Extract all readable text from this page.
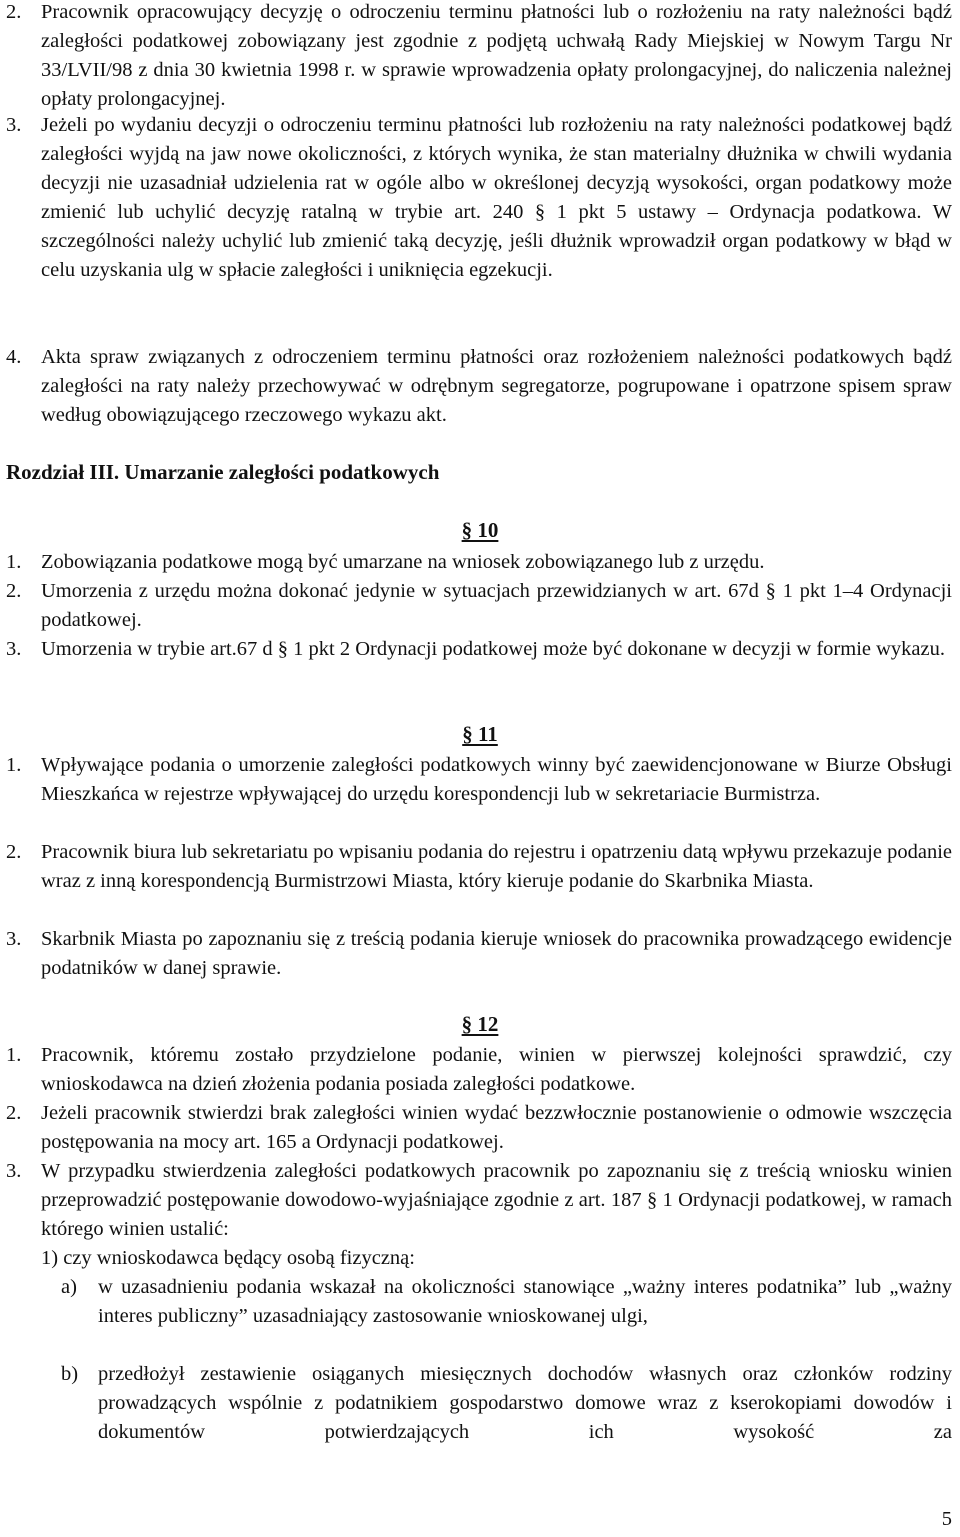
2. Pracownik opracowujący decyzję o odroczeniu terminu płatności lub o rozłożeniu na raty należności bądź zaległości podatkowej zobowiązany jest zgodnie z podjętą uchwałą Rady Miejskiej w Nowym Targu Nr 33/LVII/98 z dnia 30 kwietnia 1998 r. w sprawie wprowadzenia opłaty prolongacyjnej, do naliczenia należnej opłaty prolongacyjnej.
3. Jeżeli po wydaniu decyzji o odroczeniu terminu płatności lub rozłożeniu na raty należności podatkowej bądź zaległości wyjdą na jaw nowe okoliczności, z których wynika, że stan materialny dłużnika w chwili wydania decyzji nie uzasadniał udzielenia rat w ogóle albo w określonej decyzją wysokości, organ podatkowy może zmienić lub uchylić decyzję ratalną w trybie art. 240 § 1 pkt 5 ustawy – Ordynacja podatkowa. W szczególności należy uchylić lub zmienić taką decyzję, jeśli dłużnik wprowadził organ podatkowy w błąd w celu uzyskania ulg w spłacie zaległości i uniknięcia egzekucji.
4. Akta spraw związanych z odroczeniem terminu płatności oraz rozłożeniem należności podatkowych bądź zaległości na raty należy przechowywać w odrębnym segregatorze, pogrupowane i opatrzone spisem spraw według obowiązującego rzeczowego wykazu akt.
Rozdział III. Umarzanie zaległości podatkowych
§ 10
1. Zobowiązania podatkowe mogą być umarzane na wniosek zobowiązanego lub z urzędu.
2. Umorzenia z urzędu można dokonać jedynie w sytuacjach przewidzianych w art. 67d § 1 pkt 1–4 Ordynacji podatkowej.
3. Umorzenia w trybie art.67 d § 1 pkt 2 Ordynacji podatkowej może być dokonane w decyzji w formie wykazu.
§ 11
1. Wpływające podania o umorzenie zaległości podatkowych winny być zaewidencjonowane w Biurze Obsługi Mieszkańca w rejestrze wpływającej do urzędu korespondencji lub w sekretariacie Burmistrza.
2. Pracownik biura lub sekretariatu po wpisaniu podania do rejestru i opatrzeniu datą wpływu przekazuje podanie wraz z inną korespondencją Burmistrzowi Miasta, który kieruje podanie do Skarbnika Miasta.
3. Skarbnik Miasta po zapoznaniu się z treścią podania kieruje wniosek do pracownika prowadzącego ewidencje podatników w danej sprawie.
§ 12
1. Pracownik, któremu zostało przydzielone podanie, winien w pierwszej kolejności sprawdzić, czy wnioskodawca na dzień złożenia podania posiada zaległości podatkowe.
2. Jeżeli pracownik stwierdzi brak zaległości winien wydać bezzwłocznie postanowienie o odmowie wszczęcia postępowania na mocy art. 165 a Ordynacji podatkowej.
3. W przypadku stwierdzenia zaległości podatkowych pracownik po zapoznaniu się z treścią wniosku winien przeprowadzić postępowanie dowodowo-wyjaśniające zgodnie z art. 187 § 1 Ordynacji podatkowej, w ramach którego winien ustalić:
1) czy wnioskodawca będący osobą fizyczną:
a) w uzasadnieniu podania wskazał na okoliczności stanowiące „ważny interes podatnika” lub „ważny interes publiczny” uzasadniający zastosowanie wnioskowanej ulgi,
b) przedłożył zestawienie osiąganych miesięcznych dochodów własnych oraz członków rodziny prowadzących wspólnie z podatnikiem gospodarstwo domowe wraz z kserokopiami dowodów i dokumentów potwierdzających ich wysokość za
5
